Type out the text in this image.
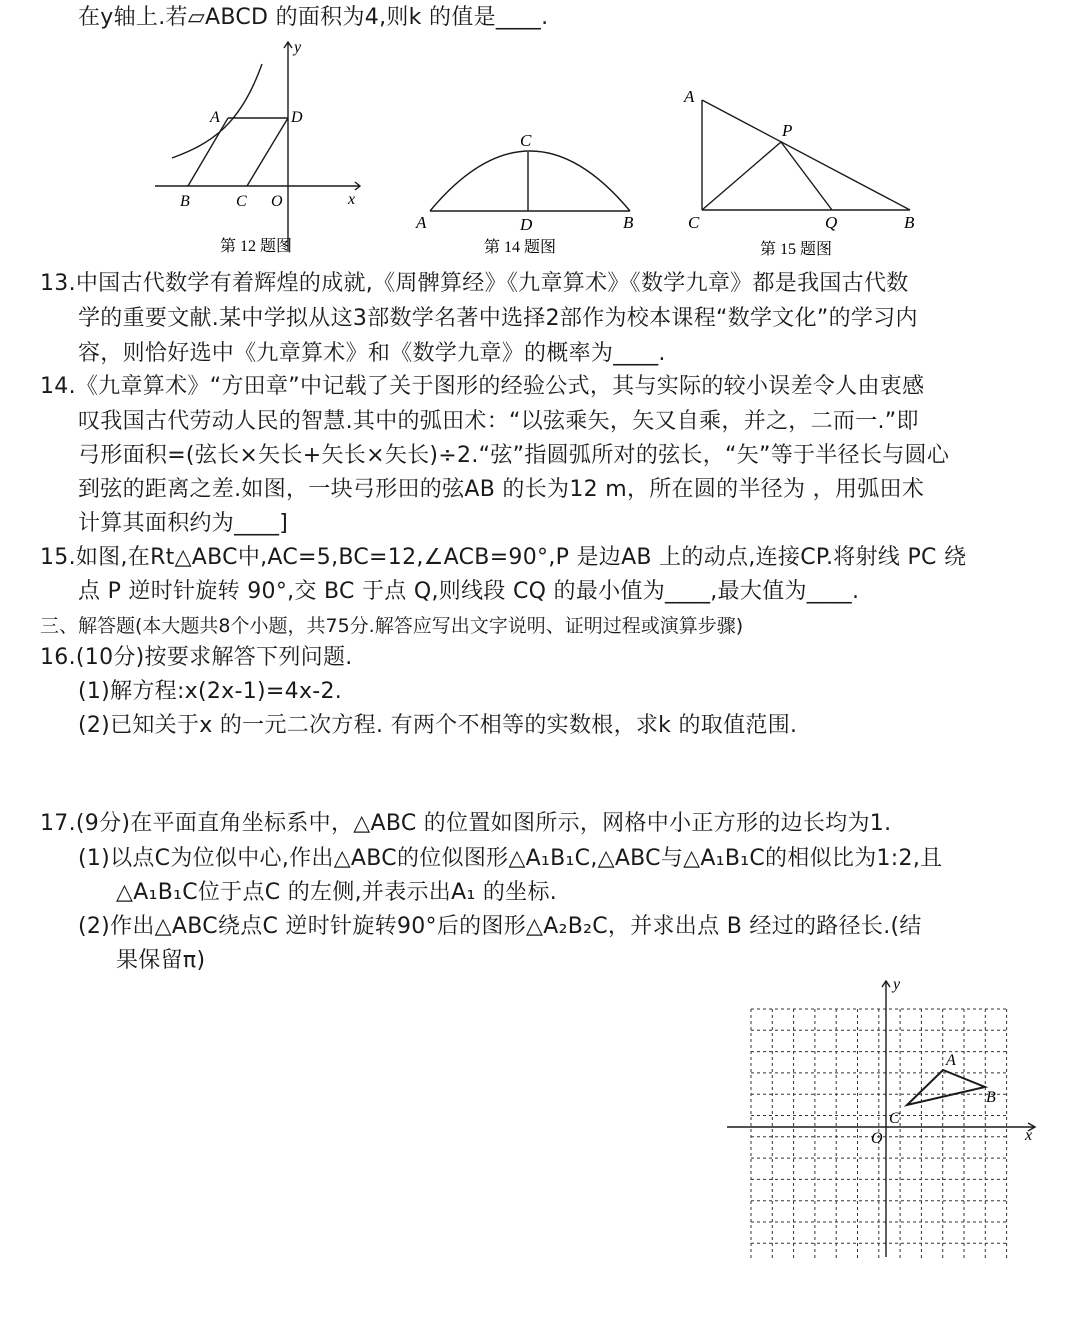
在y轴上.若▱ABCD 的面积为4,则k 的值是____.
y
x
A	D
B	C O
第 12 题图
A	B
C
D
第 14 题图
A
P
C	Q	B
第 15 题图
13.中国古代数学有着辉煌的成就,《周髀算经》《九章算术》《数学九章》都是我国古代数
学的重要文献.某中学拟从这3部数学名著中选择2部作为校本课程“数学文化”的学习内
容，则恰好选中《九章算术》和《数学九章》的概率为____.
14.《九章算术》“方田章”中记载了关于图形的经验公式，其与实际的较小误差令人由衷感
叹我国古代劳动人民的智慧.其中的弧田术：“以弦乘矢，矢又自乘，并之，二而一.”即
弓形面积=(弦长×矢长+矢长×矢长)÷2.“弦”指圆弧所对的弦长，“矢”等于半径长与圆心
到弦的距离之差.如图，一块弓形田的弦AB 的长为12 m，所在圆的半径为 ，用弧田术
计算其面积约为____]
15.如图,在Rt△ABC中,AC=5,BC=12,∠ACB=90°,P 是边AB 上的动点,连接CP.将射线 PC 绕
点 P 逆时针旋转 90°,交 BC 于点 Q,则线段 CQ 的最小值为____,最大值为____.
三、解答题(本大题共8个小题，共75分.解答应写出文字说明、证明过程或演算步骤)
16.(10分)按要求解答下列问题.
(1)解方程:x(2x-1)=4x-2.
(2)已知关于x 的一元二次方程. 有两个不相等的实数根，求k 的取值范围.
17.(9分)在平面直角坐标系中，△ABC 的位置如图所示，网格中小正方形的边长均为1.
(1)以点C为位似中心,作出△ABC的位似图形△A₁B₁C,△ABC与△A₁B₁C的相似比为1:2,且
△A₁B₁C位于点C 的左侧,并表示出A₁ 的坐标.
(2)作出△ABC绕点C 逆时针旋转90°后的图形△A₂B₂C，并求出点 B 经过的路径长.(结
果保留π)
y
x
O
A
B
C
